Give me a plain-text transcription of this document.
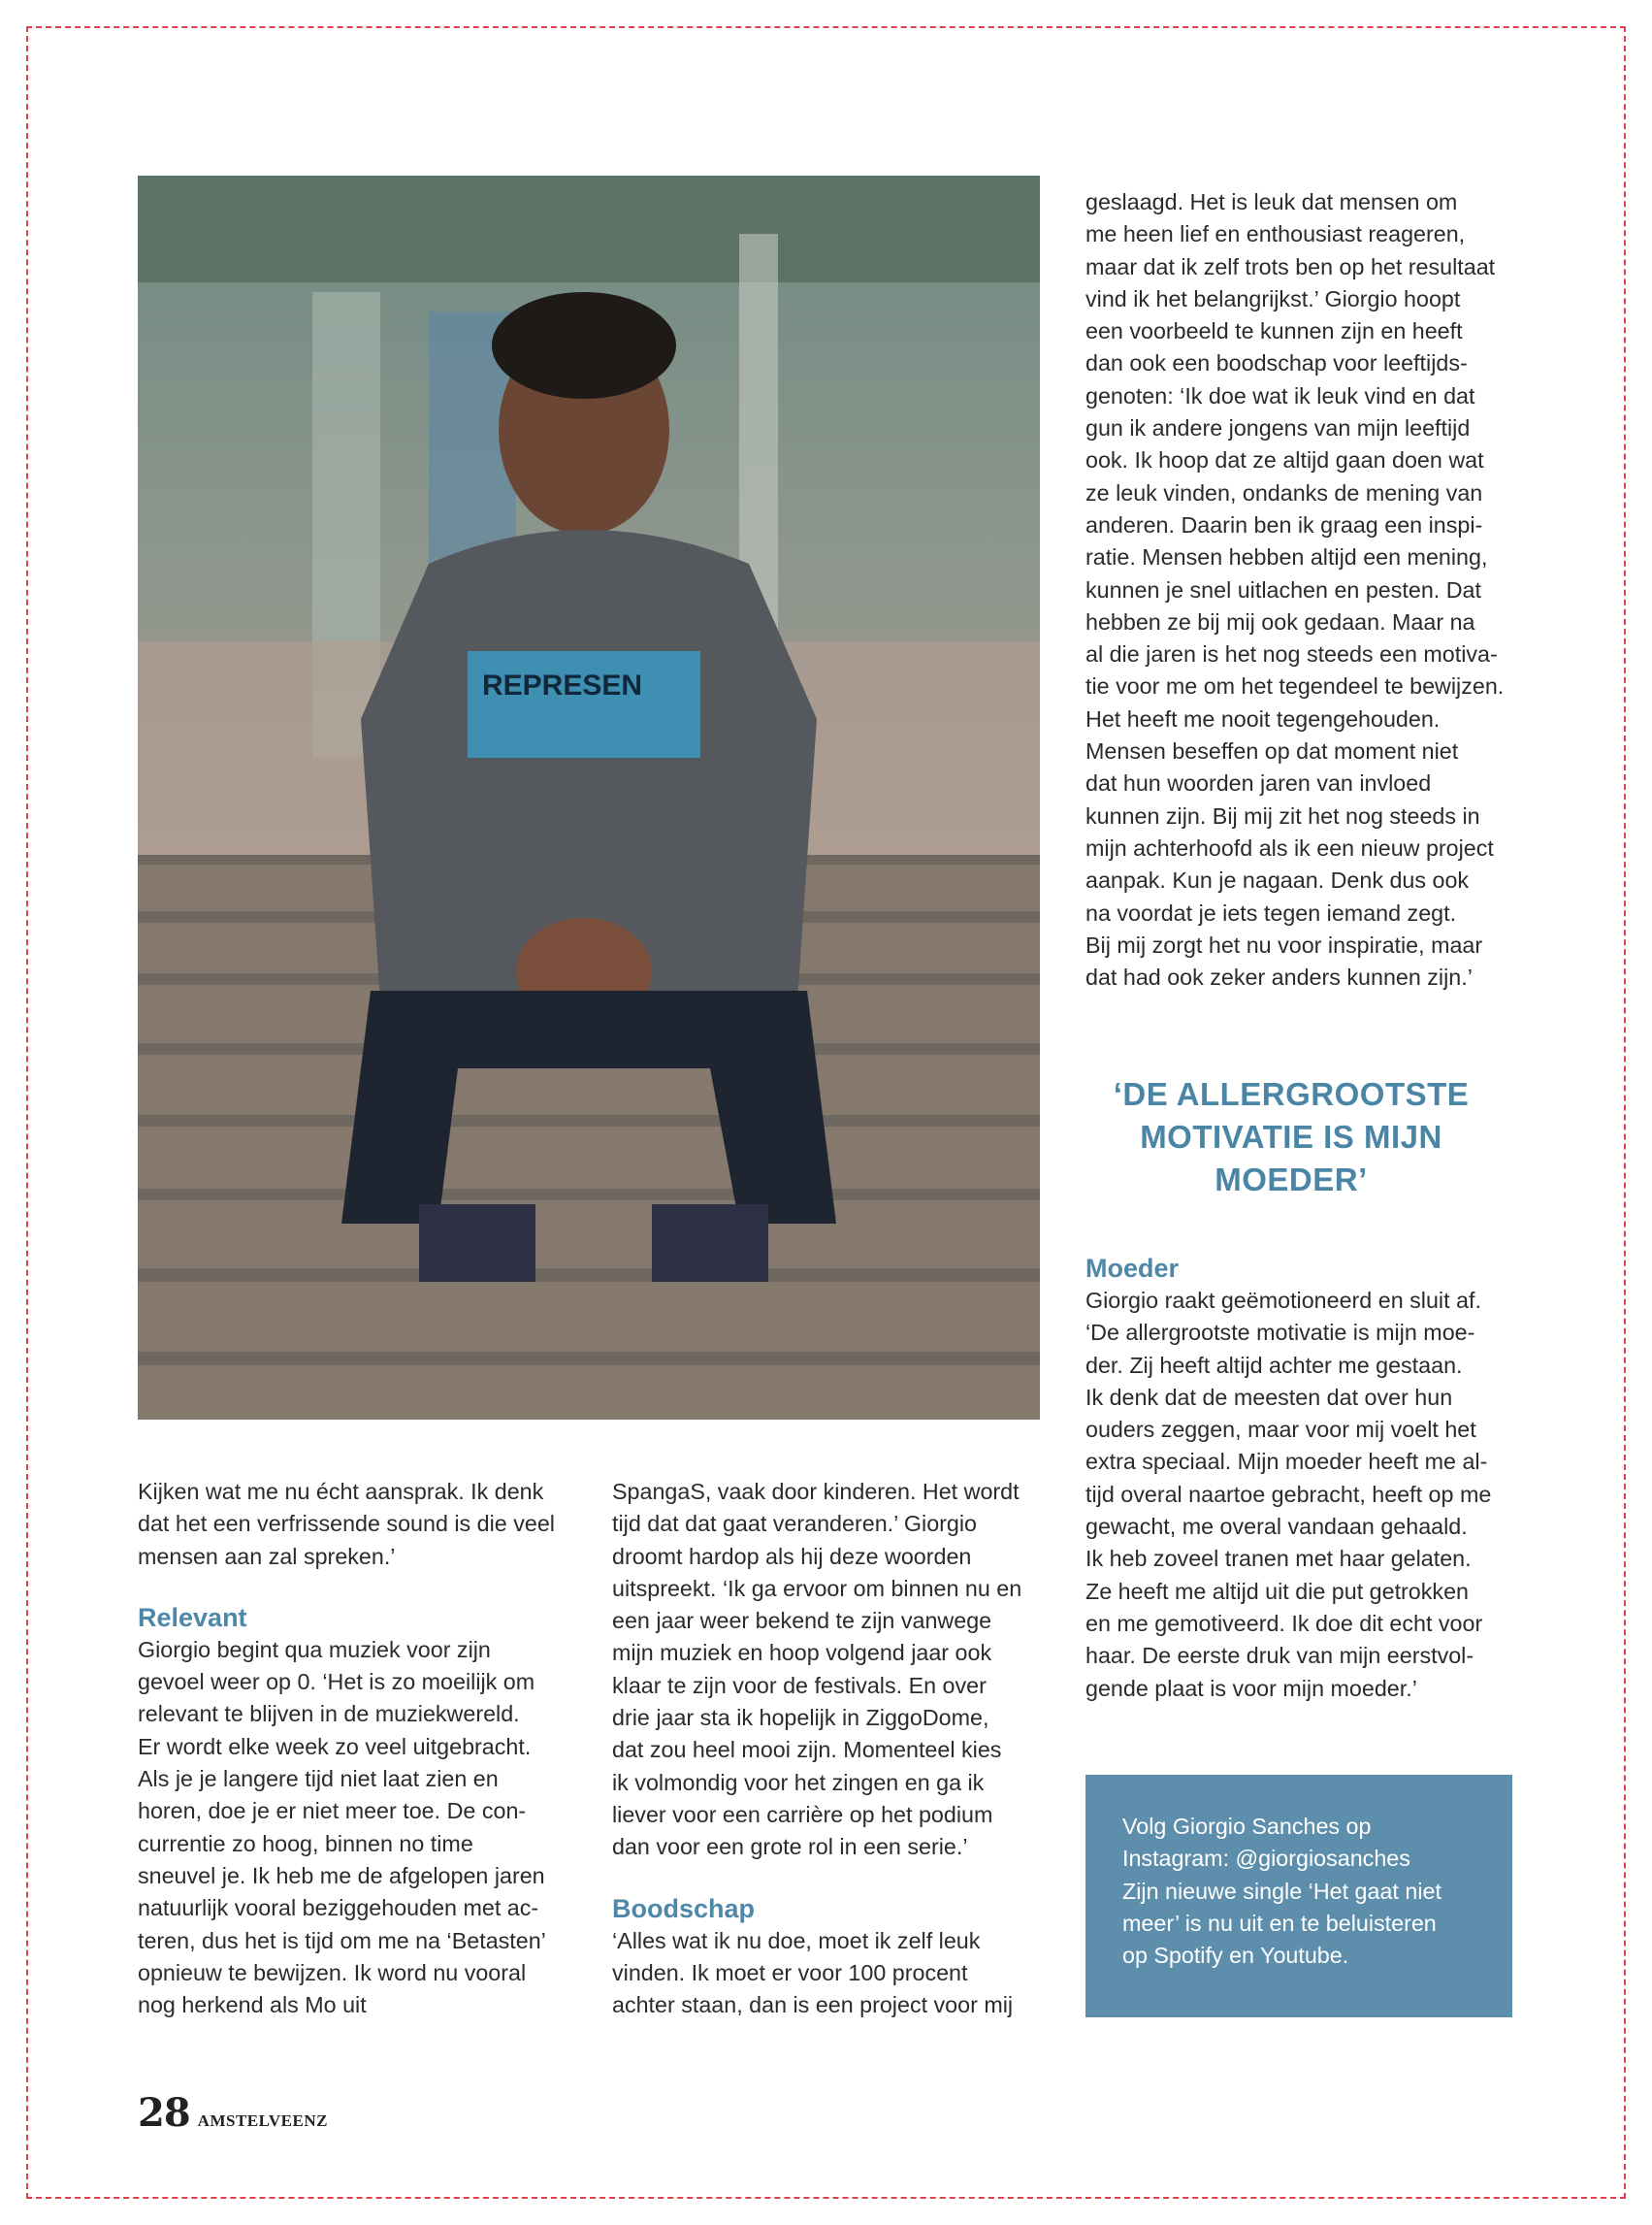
REPRESEN
Kijken wat me nu écht aansprak. Ik denk
dat het een verfrissende sound is die veel
mensen aan zal spreken.’
Relevant
Giorgio begint qua muziek voor zijn
gevoel weer op 0. ‘Het is zo moeilijk om
relevant te blijven in de muziekwereld.
Er wordt elke week zo veel uitgebracht.
Als je je langere tijd niet laat zien en
horen, doe je er niet meer toe. De con-
currentie zo hoog, binnen no time
sneuvel je. Ik heb me de afgelopen jaren
natuurlijk vooral beziggehouden met ac-
teren, dus het is tijd om me na ‘Betasten’
opnieuw te bewijzen. Ik word nu vooral
nog herkend als Mo uit
SpangaS, vaak door kinderen. Het wordt
tijd dat dat gaat veranderen.’ Giorgio
droomt hardop als hij deze woorden
uitspreekt. ‘Ik ga ervoor om binnen nu en
een jaar weer bekend te zijn vanwege
mijn muziek en hoop volgend jaar ook
klaar te zijn voor de festivals. En over
drie jaar sta ik hopelijk in ZiggoDome,
dat zou heel mooi zijn. Momenteel kies
ik volmondig voor het zingen en ga ik
liever voor een carrière op het podium
dan voor een grote rol in een serie.’
Boodschap
‘Alles wat ik nu doe, moet ik zelf leuk
vinden. Ik moet er voor 100 procent
achter staan, dan is een project voor mij
geslaagd. Het is leuk dat mensen om
me heen lief en enthousiast reageren,
maar dat ik zelf trots ben op het resultaat
vind ik het belangrijkst.’ Giorgio hoopt
een voorbeeld te kunnen zijn en heeft
dan ook een boodschap voor leeftijds-
genoten: ‘Ik doe wat ik leuk vind en dat
gun ik andere jongens van mijn leeftijd
ook. Ik hoop dat ze altijd gaan doen wat
ze leuk vinden, ondanks de mening van
anderen. Daarin ben ik graag een inspi-
ratie. Mensen hebben altijd een mening,
kunnen je snel uitlachen en pesten. Dat
hebben ze bij mij ook gedaan. Maar na
al die jaren is het nog steeds een motiva-
tie voor me om het tegendeel te bewijzen.
Het heeft me nooit tegengehouden.
Mensen beseffen op dat moment niet
dat hun woorden jaren van invloed
kunnen zijn. Bij mij zit het nog steeds in
mijn achterhoofd als ik een nieuw project
aanpak. Kun je nagaan. Denk dus ook
na voordat je iets tegen iemand zegt.
Bij mij zorgt het nu voor inspiratie, maar
dat had ook zeker anders kunnen zijn.’
‘DE ALLERGROOTSTE
MOTIVATIE IS MIJN
MOEDER’
Moeder
Giorgio raakt geëmotioneerd en sluit af.
‘De allergrootste motivatie is mijn moe-
der. Zij heeft altijd achter me gestaan.
Ik denk dat de meesten dat over hun
ouders zeggen, maar voor mij voelt het
extra speciaal. Mijn moeder heeft me al-
tijd overal naartoe gebracht, heeft op me
gewacht, me overal vandaan gehaald.
Ik heb zoveel tranen met haar gelaten.
Ze heeft me altijd uit die put getrokken
en me gemotiveerd. Ik doe dit echt voor
haar. De eerste druk van mijn eerstvol-
gende plaat is voor mijn moeder.’
Volg Giorgio Sanches op
Instagram: @giorgiosanches
Zijn nieuwe single ‘Het gaat niet
meer’ is nu uit en te beluisteren
op Spotify en Youtube.
28 AMSTELVEENZ
